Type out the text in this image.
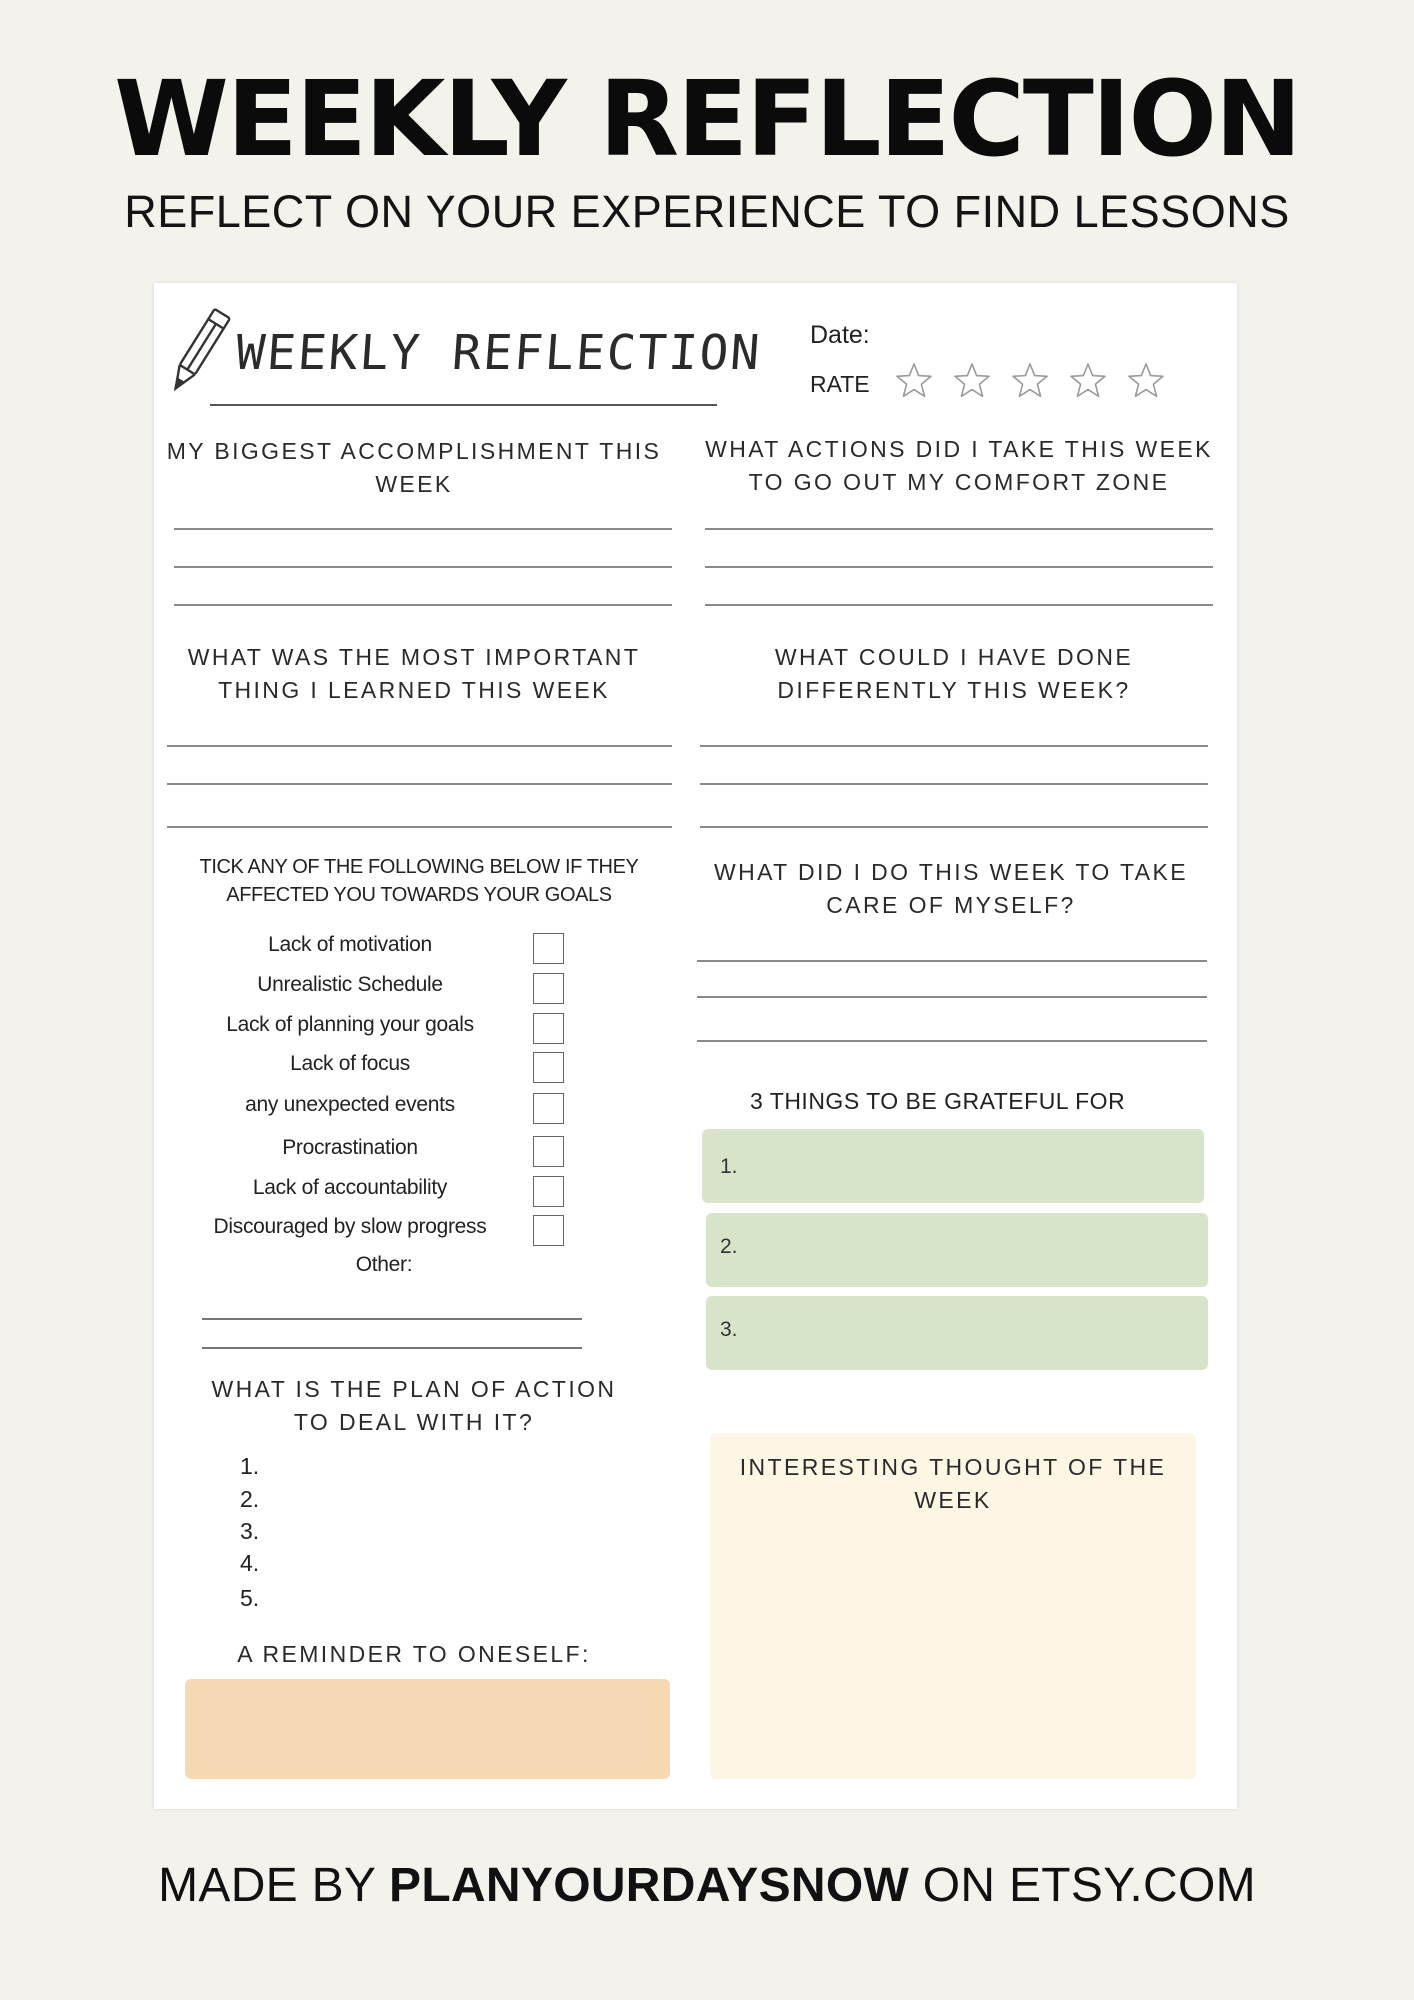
WEEKLY REFLECTION
REFLECT ON YOUR EXPERIENCE TO FIND LESSONS
WEEKLY REFLECTION Date:
RATE
MY BIGGEST ACCOMPLISHMENT THIS
WEEK
WHAT ACTIONS DID I TAKE THIS WEEK
TO GO OUT MY COMFORT ZONE
WHAT WAS THE MOST IMPORTANT
THING I LEARNED THIS WEEK
WHAT COULD I HAVE DONE
DIFFERENTLY THIS WEEK?
TICK ANY OF THE FOLLOWING BELOW IF THEY
AFFECTED YOU TOWARDS YOUR GOALS
Lack of motivation
Unrealistic Schedule
Lack of planning your goals
Lack of focus
any unexpected events
Procrastination
Lack of accountability
Discouraged by slow progress
Other:
WHAT DID I DO THIS WEEK TO TAKE
CARE OF MYSELF?
3 THINGS TO BE GRATEFUL FOR
1.
2.
3.
WHAT IS THE PLAN OF ACTION
TO DEAL WITH IT?
1.
2.
3.
4.
5.
A REMINDER TO ONESELF:
INTERESTING THOUGHT OF THE
WEEK
MADE BY PLANYOURDAYSNOW ON ETSY.COM
